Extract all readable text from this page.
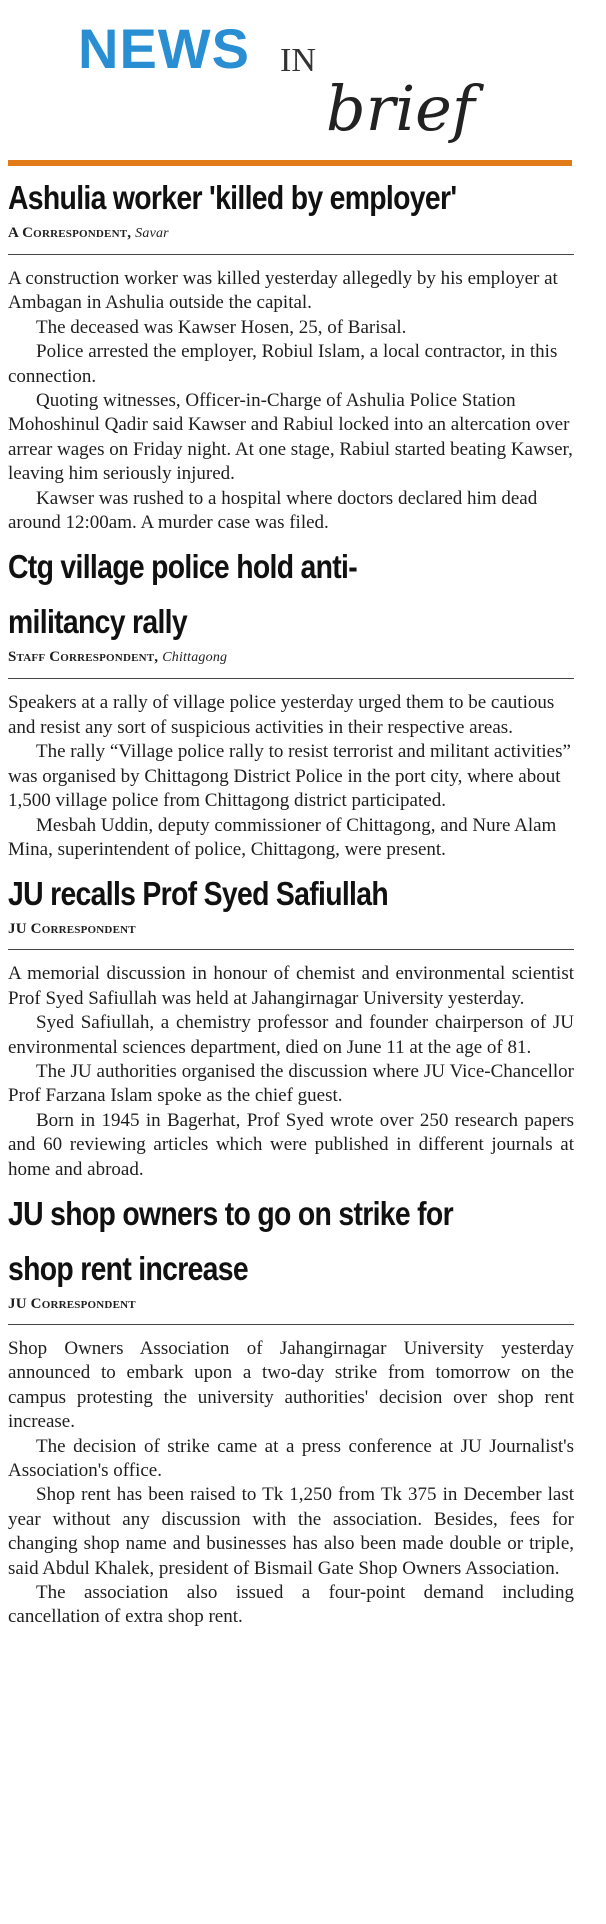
NEWS IN
brief
Ashulia worker 'killed by employer'
A Correspondent, Savar

A construction worker was killed yesterday allegedly by his employer at Ambagan in Ashulia outside the capital.

The deceased was Kawser Hosen, 25, of Barisal.

Police arrested the employer, Robiul Islam, a local contractor, in this connection.

Quoting witnesses, Officer-in-Charge of Ashulia Police Station Mohoshinul Qadir said Kawser and Rabiul locked into an altercation over arrear wages on Friday night. At one stage, Rabiul started beating Kawser, leaving him seriously injured.

Kawser was rushed to a hospital where doctors declared him dead around 12:00am. A murder case was filed.

Ctg village police hold anti-
militancy rally
Staff Correspondent, Chittagong

Speakers at a rally of village police yesterday urged them to be cautious and resist any sort of suspicious activities in their respective areas.

The rally “Village police rally to resist terrorist and militant activities” was organised by Chittagong District Police in the port city, where about 1,500 village police from Chittagong district participated.

Mesbah Uddin, deputy commissioner of Chittagong, and Nure Alam Mina, superintendent of police, Chittagong, were present.

JU recalls Prof Syed Safiullah
JU Correspondent

A memorial discussion in honour of chemist and environmental scientist Prof Syed Safiullah was held at Jahangirnagar University yesterday.

Syed Safiullah, a chemistry professor and founder chairperson of JU environmental sciences department, died on June 11 at the age of 81.

The JU authorities organised the discussion where JU Vice-Chancellor Prof Farzana Islam spoke as the chief guest.

Born in 1945 in Bagerhat, Prof Syed wrote over 250 research papers and 60 reviewing articles which were published in different journals at home and abroad.

JU shop owners to go on strike for
shop rent increase
JU Correspondent

Shop Owners Association of Jahangirnagar University yesterday announced to embark upon a two-day strike from tomorrow on the campus protesting the university authorities' decision over shop rent increase.

The decision of strike came at a press conference at JU Journalist's Association's office.

Shop rent has been raised to Tk 1,250 from Tk 375 in December last year without any discussion with the association. Besides, fees for changing shop name and businesses has also been made double or triple, said Abdul Khalek, president of Bismail Gate Shop Owners Association.

The association also issued a four-point demand including cancellation of extra shop rent.
